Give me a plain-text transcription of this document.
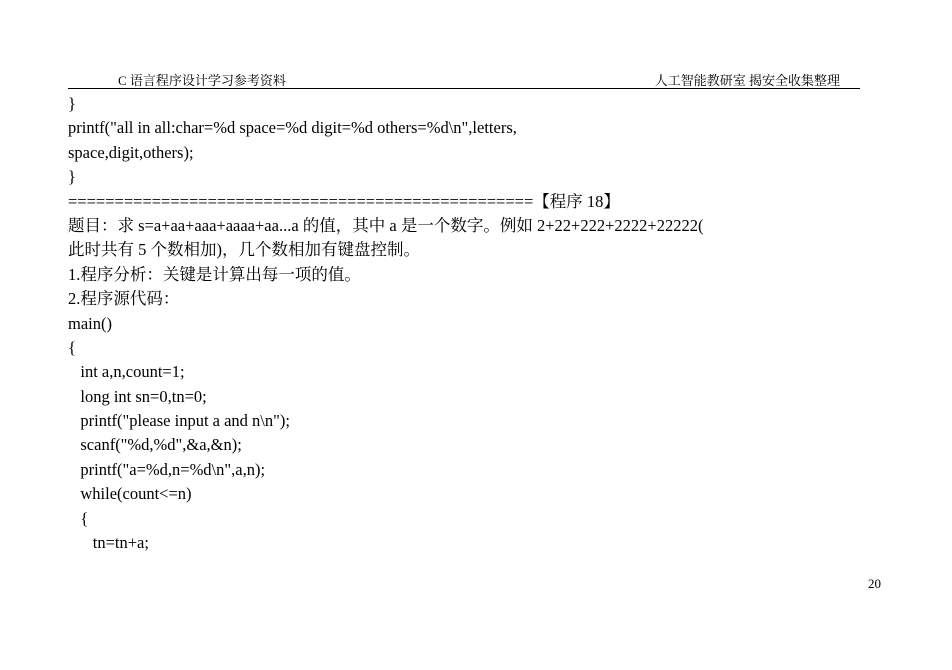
C 语言程序设计学习参考资料	人工智能教研室 揭安全收集整理
}
printf("all in all:char=%d space=%d digit=%d others=%d\n",letters,
space,digit,others);
}
==================================================【程序 18】
题目：求 s=a+aa+aaa+aaaa+aa...a 的值，其中 a 是一个数字。例如 2+22+222+2222+22222(
此时共有 5 个数相加)，几个数相加有键盘控制。
1.程序分析：关键是计算出每一项的值。
2.程序源代码：
main()
{
int a,n,count=1;
long int sn=0,tn=0;
printf("please input a and n\n");
scanf("%d,%d",&a,&n);
printf("a=%d,n=%d\n",a,n);
while(count<=n)
{
tn=tn+a;
20
